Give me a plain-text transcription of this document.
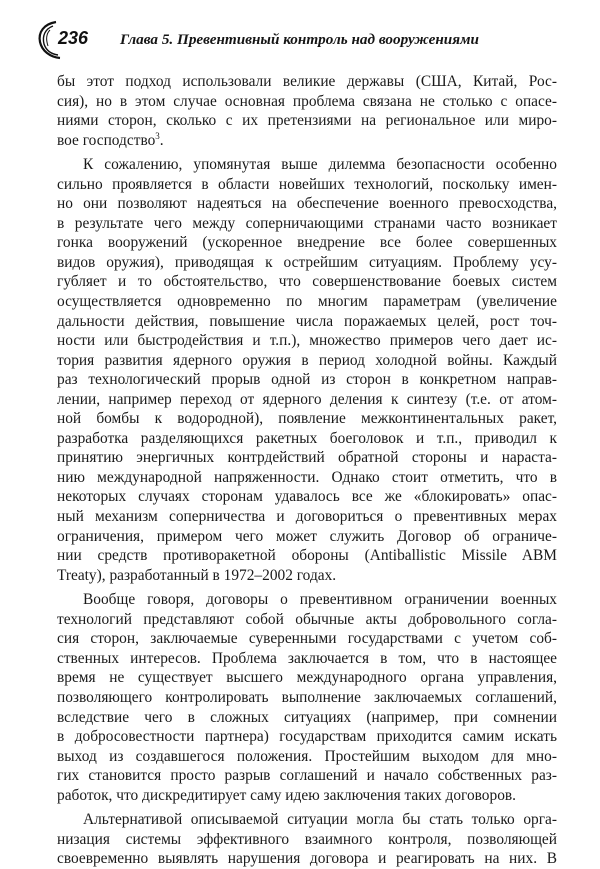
236 Глава 5. Превентивный контроль над вооружениями

бы этот подход использовали великие державы (США, Китай, Рос-
сия), но в этом случае основная проблема связана не столько с опасе-
ниями сторон, сколько с их претензиями на региональное или миро-
вое господство$^3$.

К сожалению, упомянутая выше дилемма безопасности особенно
сильно проявляется в области новейших технологий, поскольку имен-
но они позволяют надеяться на обеспечение военного превосходства,
в результате чего между соперничающими странами часто возникает
гонка вооружений (ускоренное внедрение все более совершенных
видов оружия), приводящая к острейшим ситуациям. Проблему усу-
губляет и то обстоятельство, что совершенствование боевых систем
осуществляется одновременно по многим параметрам (увеличение
дальности действия, повышение числа поражаемых целей, рост точ-
ности или быстродействия и т.п.), множество примеров чего дает ис-
тория развития ядерного оружия в период холодной войны. Каждый
раз технологический прорыв одной из сторон в конкретном направ-
лении, например переход от ядерного деления к синтезу (т.е. от атом-
ной бомбы к водородной), появление межконтинентальных ракет,
разработка разделяющихся ракетных боеголовок и т.п., приводил к
принятию энергичных контрдействий обратной стороны и нараста-
нию международной напряженности. Однако стоит отметить, что в
некоторых случаях сторонам удавалось все же «блокировать» опас-
ный механизм соперничества и договориться о превентивных мерах
ограничения, примером чего может служить Договор об ограниче-
нии средств противоракетной обороны (Antiballistic Missile ABM
Treaty), разработанный в 1972–2002 годах.

Вообще говоря, договоры о превентивном ограничении военных
технологий представляют собой обычные акты добровольного согла-
сия сторон, заключаемые суверенными государствами с учетом соб-
ственных интересов. Проблема заключается в том, что в настоящее
время не существует высшего международного органа управления,
позволяющего контролировать выполнение заключаемых соглашений,
вследствие чего в сложных ситуациях (например, при сомнении
в добросовестности партнера) государствам приходится самим искать
выход из создавшегося положения. Простейшим выходом для мно-
гих становится просто разрыв соглашений и начало собственных раз-
работок, что дискредитирует саму идею заключения таких договоров.

Альтернативой описываемой ситуации могла бы стать только орга-
низация системы эффективного взаимного контроля, позволяющей
своевременно выявлять нарушения договора и реагировать на них. В
